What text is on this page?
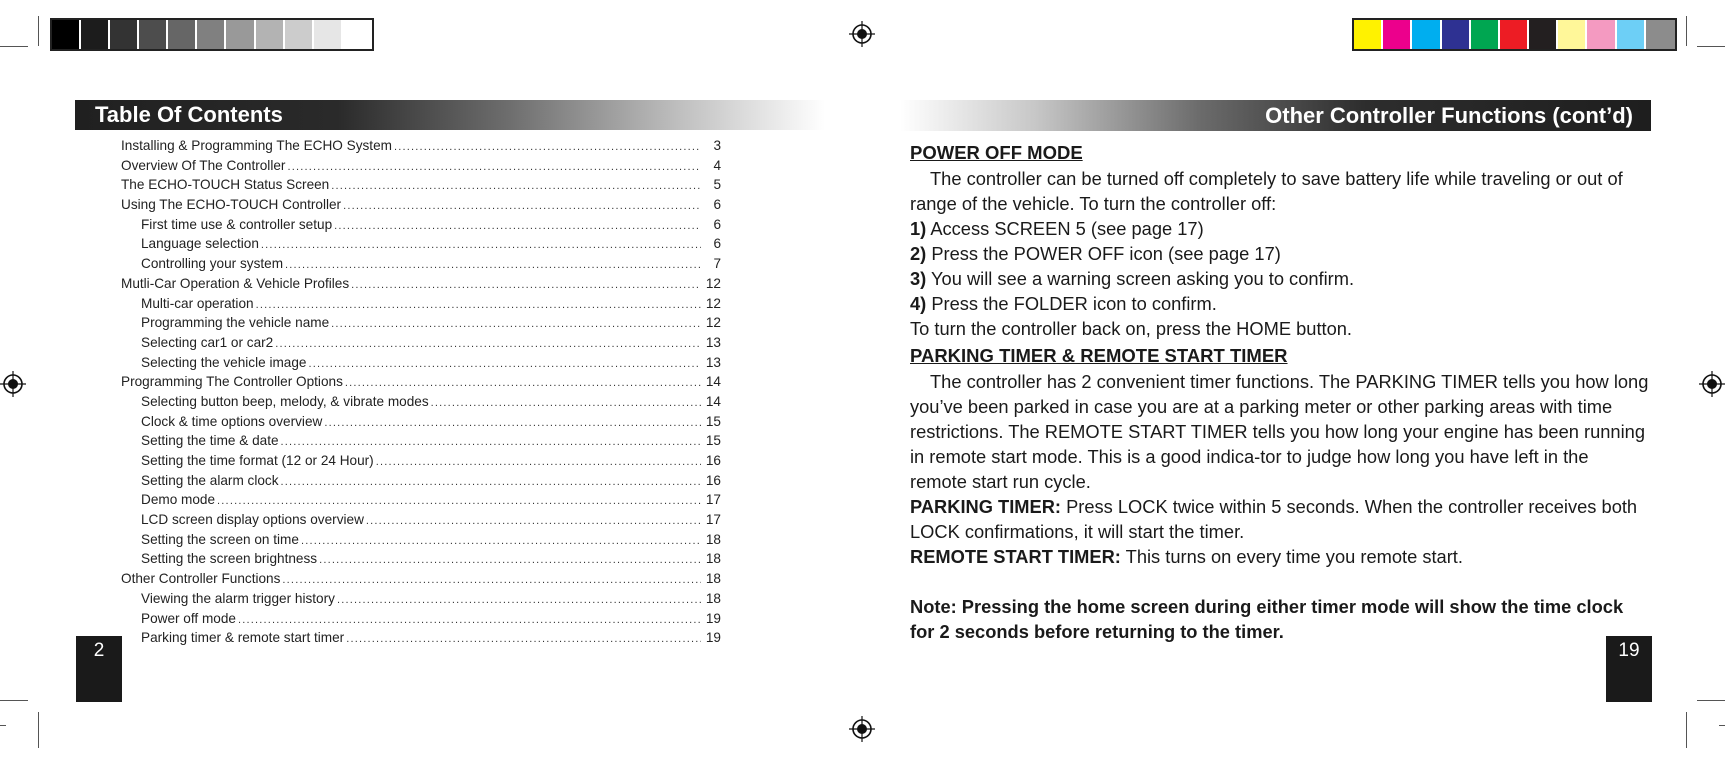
Table Of Contents
Installing & Programming The ECHO System .....	3
Overview Of The Controller .....	4
The ECHO-TOUCH Status Screen .....	5
Using The ECHO-TOUCH Controller .....	6
First time use & controller setup .....	6
Language selection .....	6
Controlling your system .....	7
Mutli-Car Operation & Vehicle Profiles .....	12
Multi-car operation .....	12
Programming the vehicle name .....	12
Selecting car1 or car2 .....	13
Selecting the vehicle image .....	13
Programming The Controller Options .....	14
Selecting button beep, melody, & vibrate modes .....	14
Clock & time options overview .....	15
Setting the time & date .....	15
Setting the time format (12 or 24 Hour) .....	16
Setting the alarm clock .....	16
Demo mode .....	17
LCD screen display options overview .....	17
Setting the screen on time .....	18
Setting the screen brightness .....	18
Other Controller Functions .....	18
Viewing the alarm trigger history .....	18
Power off mode .....	19
Parking timer & remote start timer .....	19
2
Other Controller Functions (cont’d)
POWER OFF MODE

The controller can be turned off completely to save battery life while traveling or out of range of the vehicle. To turn the controller off:

1) Access SCREEN 5 (see page 17)

2) Press the POWER OFF icon (see page 17)

3) You will see a warning screen asking you to confirm.

4) Press the FOLDER icon to confirm.

To turn the controller back on, press the HOME button.

PARKING TIMER & REMOTE START TIMER

The controller has 2 convenient timer functions. The PARKING TIMER tells you how long you’ve been parked in case you are at a parking meter or other parking areas with time restrictions. The REMOTE START TIMER tells you how long your engine has been running in remote start mode. This is a good indica-tor to judge how long you have left in the remote start run cycle.

PARKING TIMER: Press LOCK twice within 5 seconds. When the controller receives both LOCK confirmations, it will start the timer.

REMOTE START TIMER: This turns on every time you remote start.

Note: Pressing the home screen during either timer mode will show the time clock for 2 seconds before returning to the timer.

19
